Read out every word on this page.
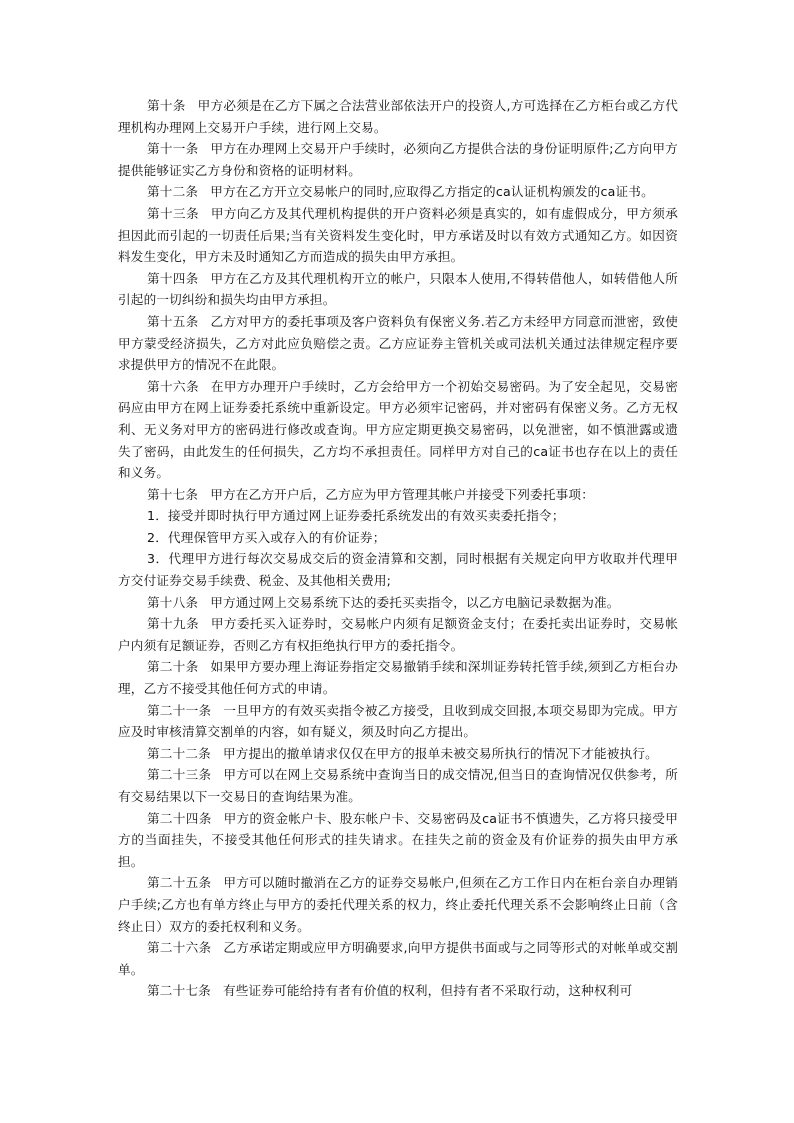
第十条 甲方必须是在乙方下属之合法营业部依法开户的投资人,方可选择在乙方柜台或乙方代理机构办理网上交易开户手续，进行网上交易。

第十一条 甲方在办理网上交易开户手续时，必须向乙方提供合法的身份证明原件;乙方向甲方提供能够证实乙方身份和资格的证明材料。

第十二条 甲方在乙方开立交易帐户的同时,应取得乙方指定的ca认证机构颁发的ca证书。

第十三条 甲方向乙方及其代理机构提供的开户资料必须是真实的，如有虚假成分，甲方须承担因此而引起的一切责任后果;当有关资料发生变化时，甲方承诺及时以有效方式通知乙方。如因资料发生变化，甲方未及时通知乙方而造成的损失由甲方承担。

第十四条 甲方在乙方及其代理机构开立的帐户，只限本人使用,不得转借他人，如转借他人所引起的一切纠纷和损失均由甲方承担。

第十五条 乙方对甲方的委托事项及客户资料负有保密义务.若乙方未经甲方同意而泄密，致使甲方蒙受经济损失，乙方对此应负赔偿之责。乙方应证券主管机关或司法机关通过法律规定程序要求提供甲方的情况不在此限。

第十六条 在甲方办理开户手续时，乙方会给甲方一个初始交易密码。为了安全起见，交易密码应由甲方在网上证券委托系统中重新设定。甲方必须牢记密码，并对密码有保密义务。乙方无权利、无义务对甲方的密码进行修改或查询。甲方应定期更换交易密码，以免泄密，如不慎泄露或遗失了密码，由此发生的任何损失，乙方均不承担责任。同样甲方对自己的ca证书也存在以上的责任和义务。

第十七条 甲方在乙方开户后，乙方应为甲方管理其帐户并接受下列委托事项：

1．接受并即时执行甲方通过网上证券委托系统发出的有效买卖委托指令；

2．代理保管甲方买入或存入的有价证券；

3．代理甲方进行每次交易成交后的资金清算和交割，同时根据有关规定向甲方收取并代理甲方交付证券交易手续费、税金、及其他相关费用;

第十八条 甲方通过网上交易系统下达的委托买卖指令，以乙方电脑记录数据为准。

第十九条 甲方委托买入证券时，交易帐户内须有足额资金支付；在委托卖出证券时，交易帐户内须有足额证券，否则乙方有权拒绝执行甲方的委托指令。

第二十条 如果甲方要办理上海证券指定交易撤销手续和深圳证券转托管手续,须到乙方柜台办理，乙方不接受其他任何方式的申请。

第二十一条 一旦甲方的有效买卖指令被乙方接受，且收到成交回报,本项交易即为完成。甲方应及时审核清算交割单的内容，如有疑义，须及时向乙方提出。

第二十二条 甲方提出的撤单请求仅仅在甲方的报单未被交易所执行的情况下才能被执行。

第二十三条 甲方可以在网上交易系统中查询当日的成交情况,但当日的查询情况仅供参考，所有交易结果以下一交易日的查询结果为准。

第二十四条 甲方的资金帐户卡、股东帐户卡、交易密码及ca证书不慎遗失，乙方将只接受甲方的当面挂失，不接受其他任何形式的挂失请求。在挂失之前的资金及有价证券的损失由甲方承担。

第二十五条 甲方可以随时撤消在乙方的证券交易帐户,但须在乙方工作日内在柜台亲自办理销户手续;乙方也有单方终止与甲方的委托代理关系的权力，终止委托代理关系不会影响终止日前（含终止日）双方的委托权利和义务。

第二十六条 乙方承诺定期或应甲方明确要求,向甲方提供书面或与之同等形式的对帐单或交割单。

第二十七条 有些证券可能给持有者有价值的权利，但持有者不采取行动，这种权利可
